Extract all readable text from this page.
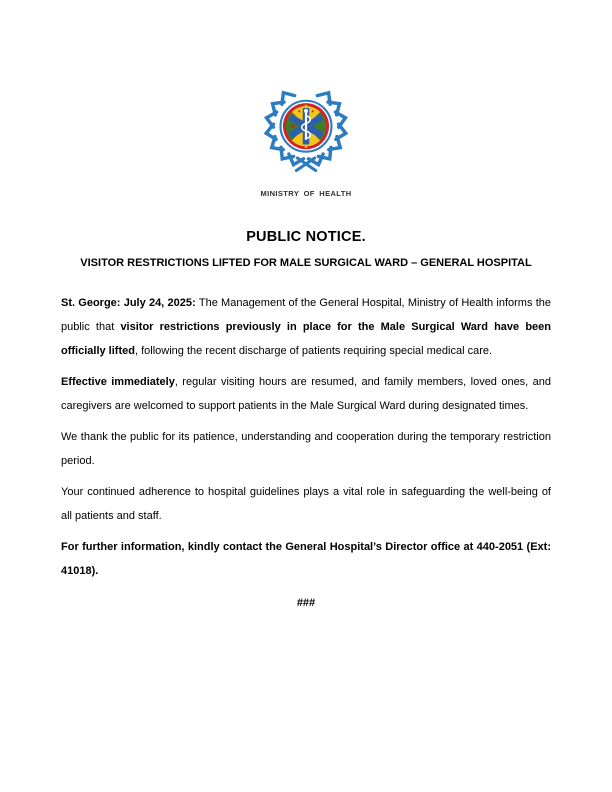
MINISTRY OF HEALTH
PUBLIC NOTICE.
VISITOR RESTRICTIONS LIFTED FOR MALE SURGICAL WARD – GENERAL HOSPITAL

St. George: July 24, 2025: The Management of the General Hospital, Ministry of Health informs the public that visitor restrictions previously in place for the Male Surgical Ward have been officially lifted, following the recent discharge of patients requiring special medical care.

Effective immediately, regular visiting hours are resumed, and family members, loved ones, and caregivers are welcomed to support patients in the Male Surgical Ward during designated times.

We thank the public for its patience, understanding and cooperation during the temporary restriction period.

Your continued adherence to hospital guidelines plays a vital role in safeguarding the well-being of all patients and staff.

For further information, kindly contact the General Hospital’s Director office at 440-2051 (Ext: 41018).

###
